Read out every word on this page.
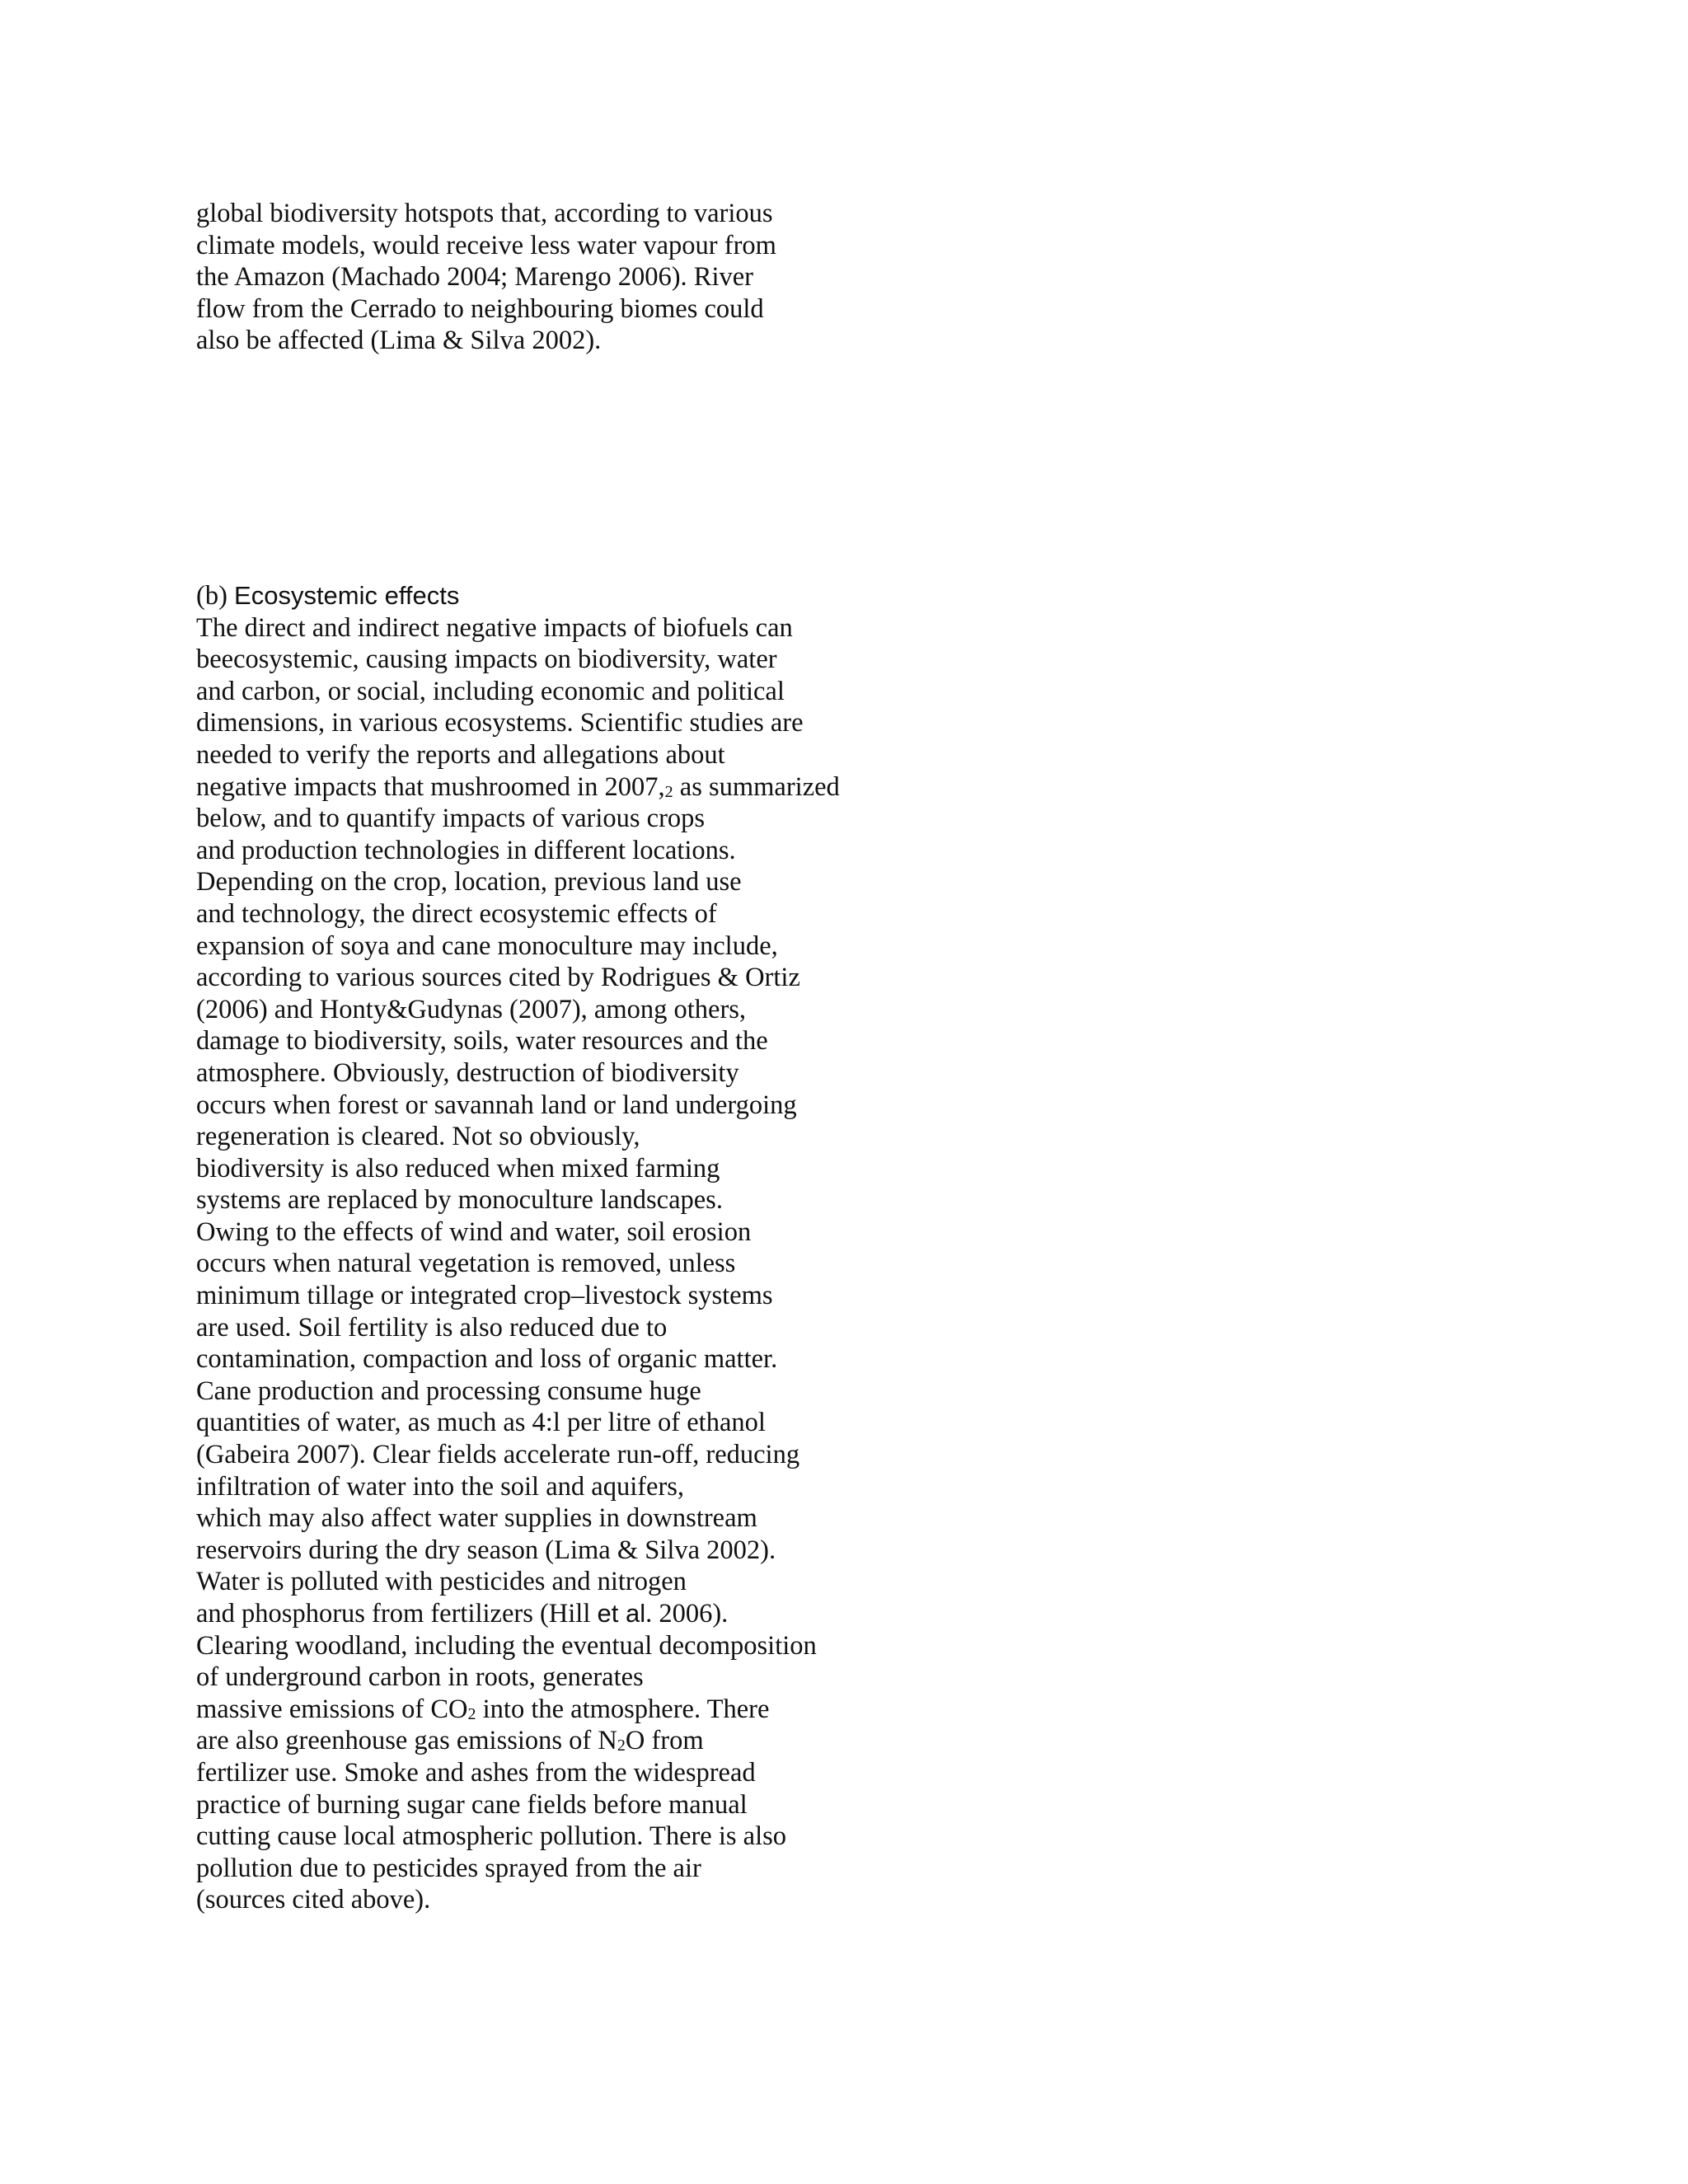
global biodiversity hotspots that, according to various
climate models, would receive less water vapour from
the Amazon (Machado 2004; Marengo 2006). River
flow from the Cerrado to neighbouring biomes could
also be affected (Lima & Silva 2002).
(b) Ecosystemic effects
The direct and indirect negative impacts of biofuels can
beecosystemic, causing impacts on biodiversity, water
and carbon, or social, including economic and political
dimensions, in various ecosystems. Scientific studies are
needed to verify the reports and allegations about
negative impacts that mushroomed in 2007,2 as summarized
below, and to quantify impacts of various crops
and production technologies in different locations.
Depending on the crop, location, previous land use
and technology, the direct ecosystemic effects of
expansion of soya and cane monoculture may include,
according to various sources cited by Rodrigues & Ortiz
(2006) and Honty&Gudynas (2007), among others,
damage to biodiversity, soils, water resources and the
atmosphere. Obviously, destruction of biodiversity
occurs when forest or savannah land or land undergoing
regeneration is cleared. Not so obviously,
biodiversity is also reduced when mixed farming
systems are replaced by monoculture landscapes.
Owing to the effects of wind and water, soil erosion
occurs when natural vegetation is removed, unless
minimum tillage or integrated crop–livestock systems
are used. Soil fertility is also reduced due to
contamination, compaction and loss of organic matter.
Cane production and processing consume huge
quantities of water, as much as 4:l per litre of ethanol
(Gabeira 2007). Clear fields accelerate run-off, reducing
infiltration of water into the soil and aquifers,
which may also affect water supplies in downstream
reservoirs during the dry season (Lima & Silva 2002).
Water is polluted with pesticides and nitrogen
and phosphorus from fertilizers (Hill et al. 2006).
Clearing woodland, including the eventual decomposition
of underground carbon in roots, generates
massive emissions of CO2 into the atmosphere. There
are also greenhouse gas emissions of N2O from
fertilizer use. Smoke and ashes from the widespread
practice of burning sugar cane fields before manual
cutting cause local atmospheric pollution. There is also
pollution due to pesticides sprayed from the air
(sources cited above).
